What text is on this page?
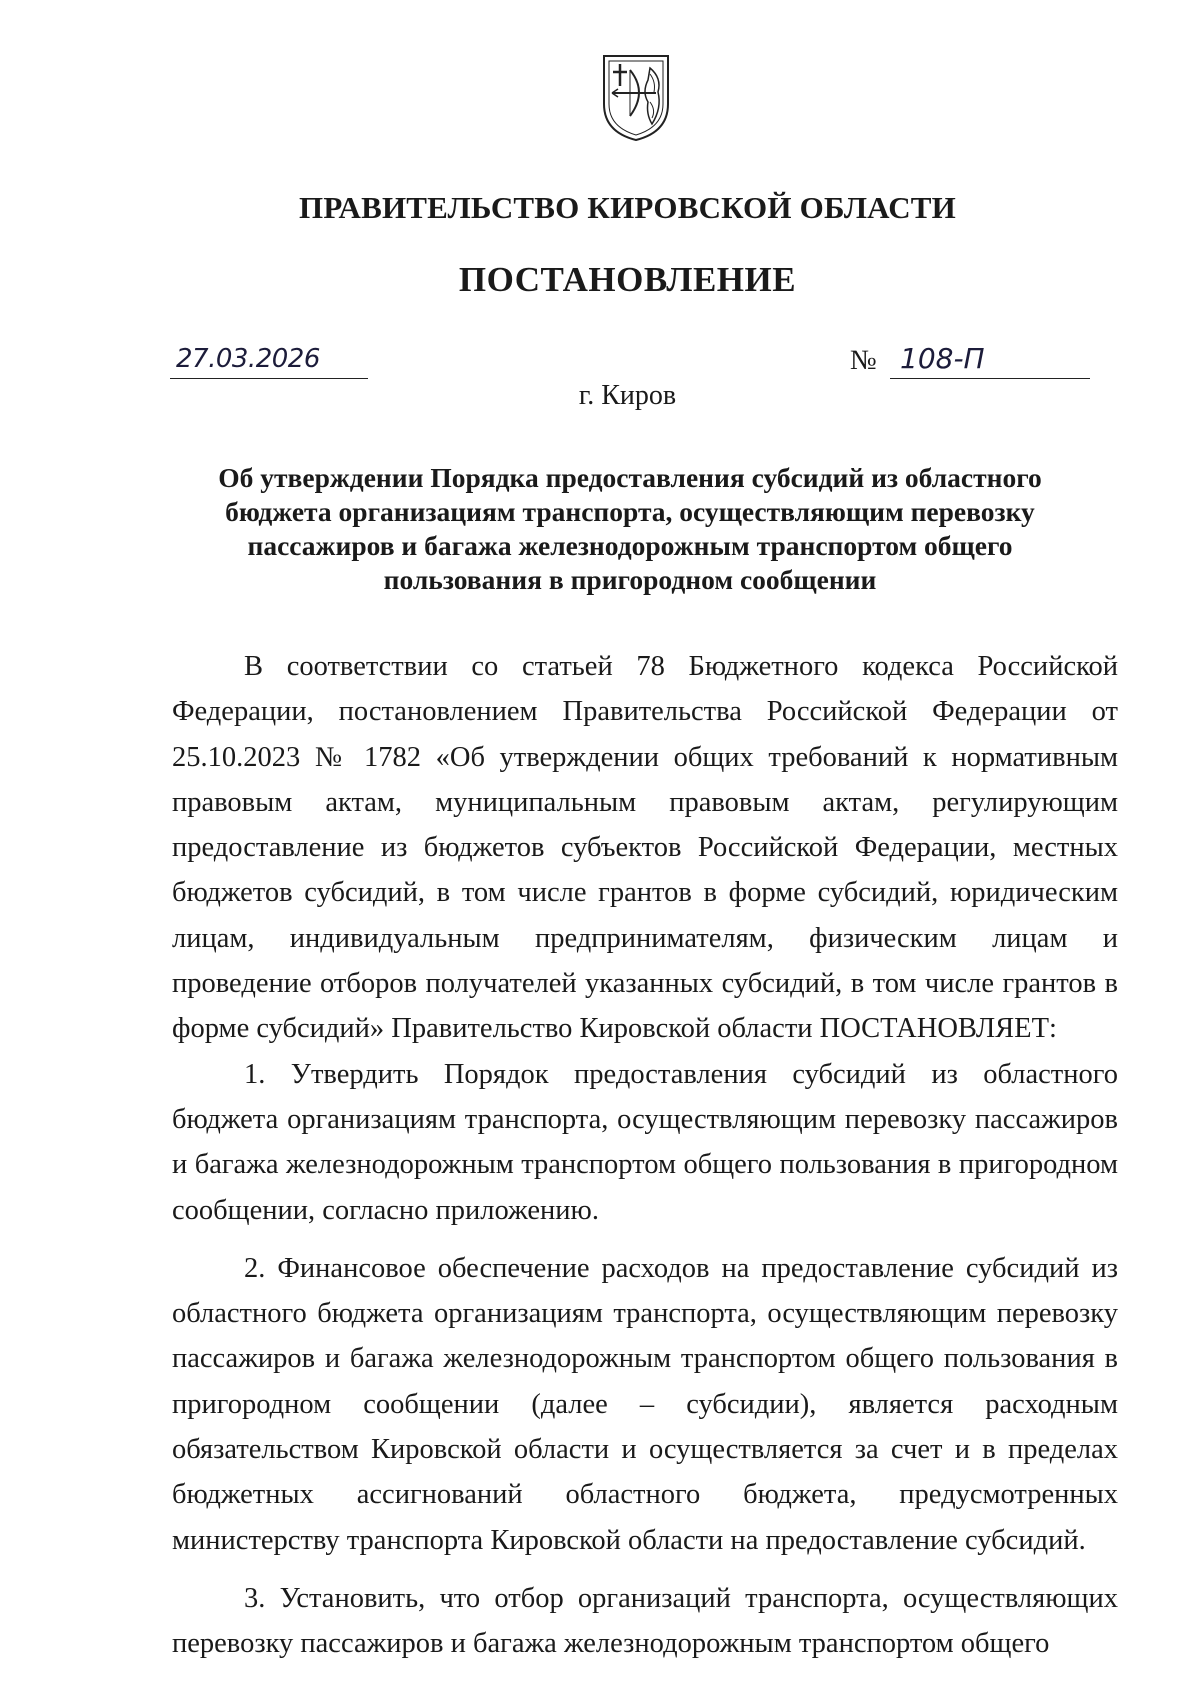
ПРАВИТЕЛЬСТВО КИРОВСКОЙ ОБЛАСТИ
ПОСТАНОВЛЕНИЕ
27.03.2026	№ 108-П
г. Киров
Об утверждении Порядка предоставления субсидий из областного бюджета организациям транспорта, осуществляющим перевозку пассажиров и багажа железнодорожным транспортом общего пользования в пригородном сообщении

В соответствии со статьей 78 Бюджетного кодекса Российской Федерации, постановлением Правительства Российской Федерации от 25.10.2023 № 1782 «Об утверждении общих требований к нормативным правовым актам, муниципальным правовым актам, регулирующим предоставление из бюджетов субъектов Российской Федерации, местных бюджетов субсидий, в том числе грантов в форме субсидий, юридическим лицам, индивидуальным предпринимателям, физическим лицам и проведение отборов получателей указанных субсидий, в том числе грантов в форме субсидий» Правительство Кировской области ПОСТАНОВЛЯЕТ:

1. Утвердить Порядок предоставления субсидий из областного бюджета организациям транспорта, осуществляющим перевозку пассажиров и багажа железнодорожным транспортом общего пользования в пригородном сообщении, согласно приложению.

2. Финансовое обеспечение расходов на предоставление субсидий из областного бюджета организациям транспорта, осуществляющим перевозку пассажиров и багажа железнодорожным транспортом общего пользования в пригородном сообщении (далее – субсидии), является расходным обязательством Кировской области и осуществляется за счет и в пределах бюджетных ассигнований областного бюджета, предусмотренных министерству транспорта Кировской области на предоставление субсидий.

3. Установить, что отбор организаций транспорта, осуществляющих перевозку пассажиров и багажа железнодорожным транспортом общего
